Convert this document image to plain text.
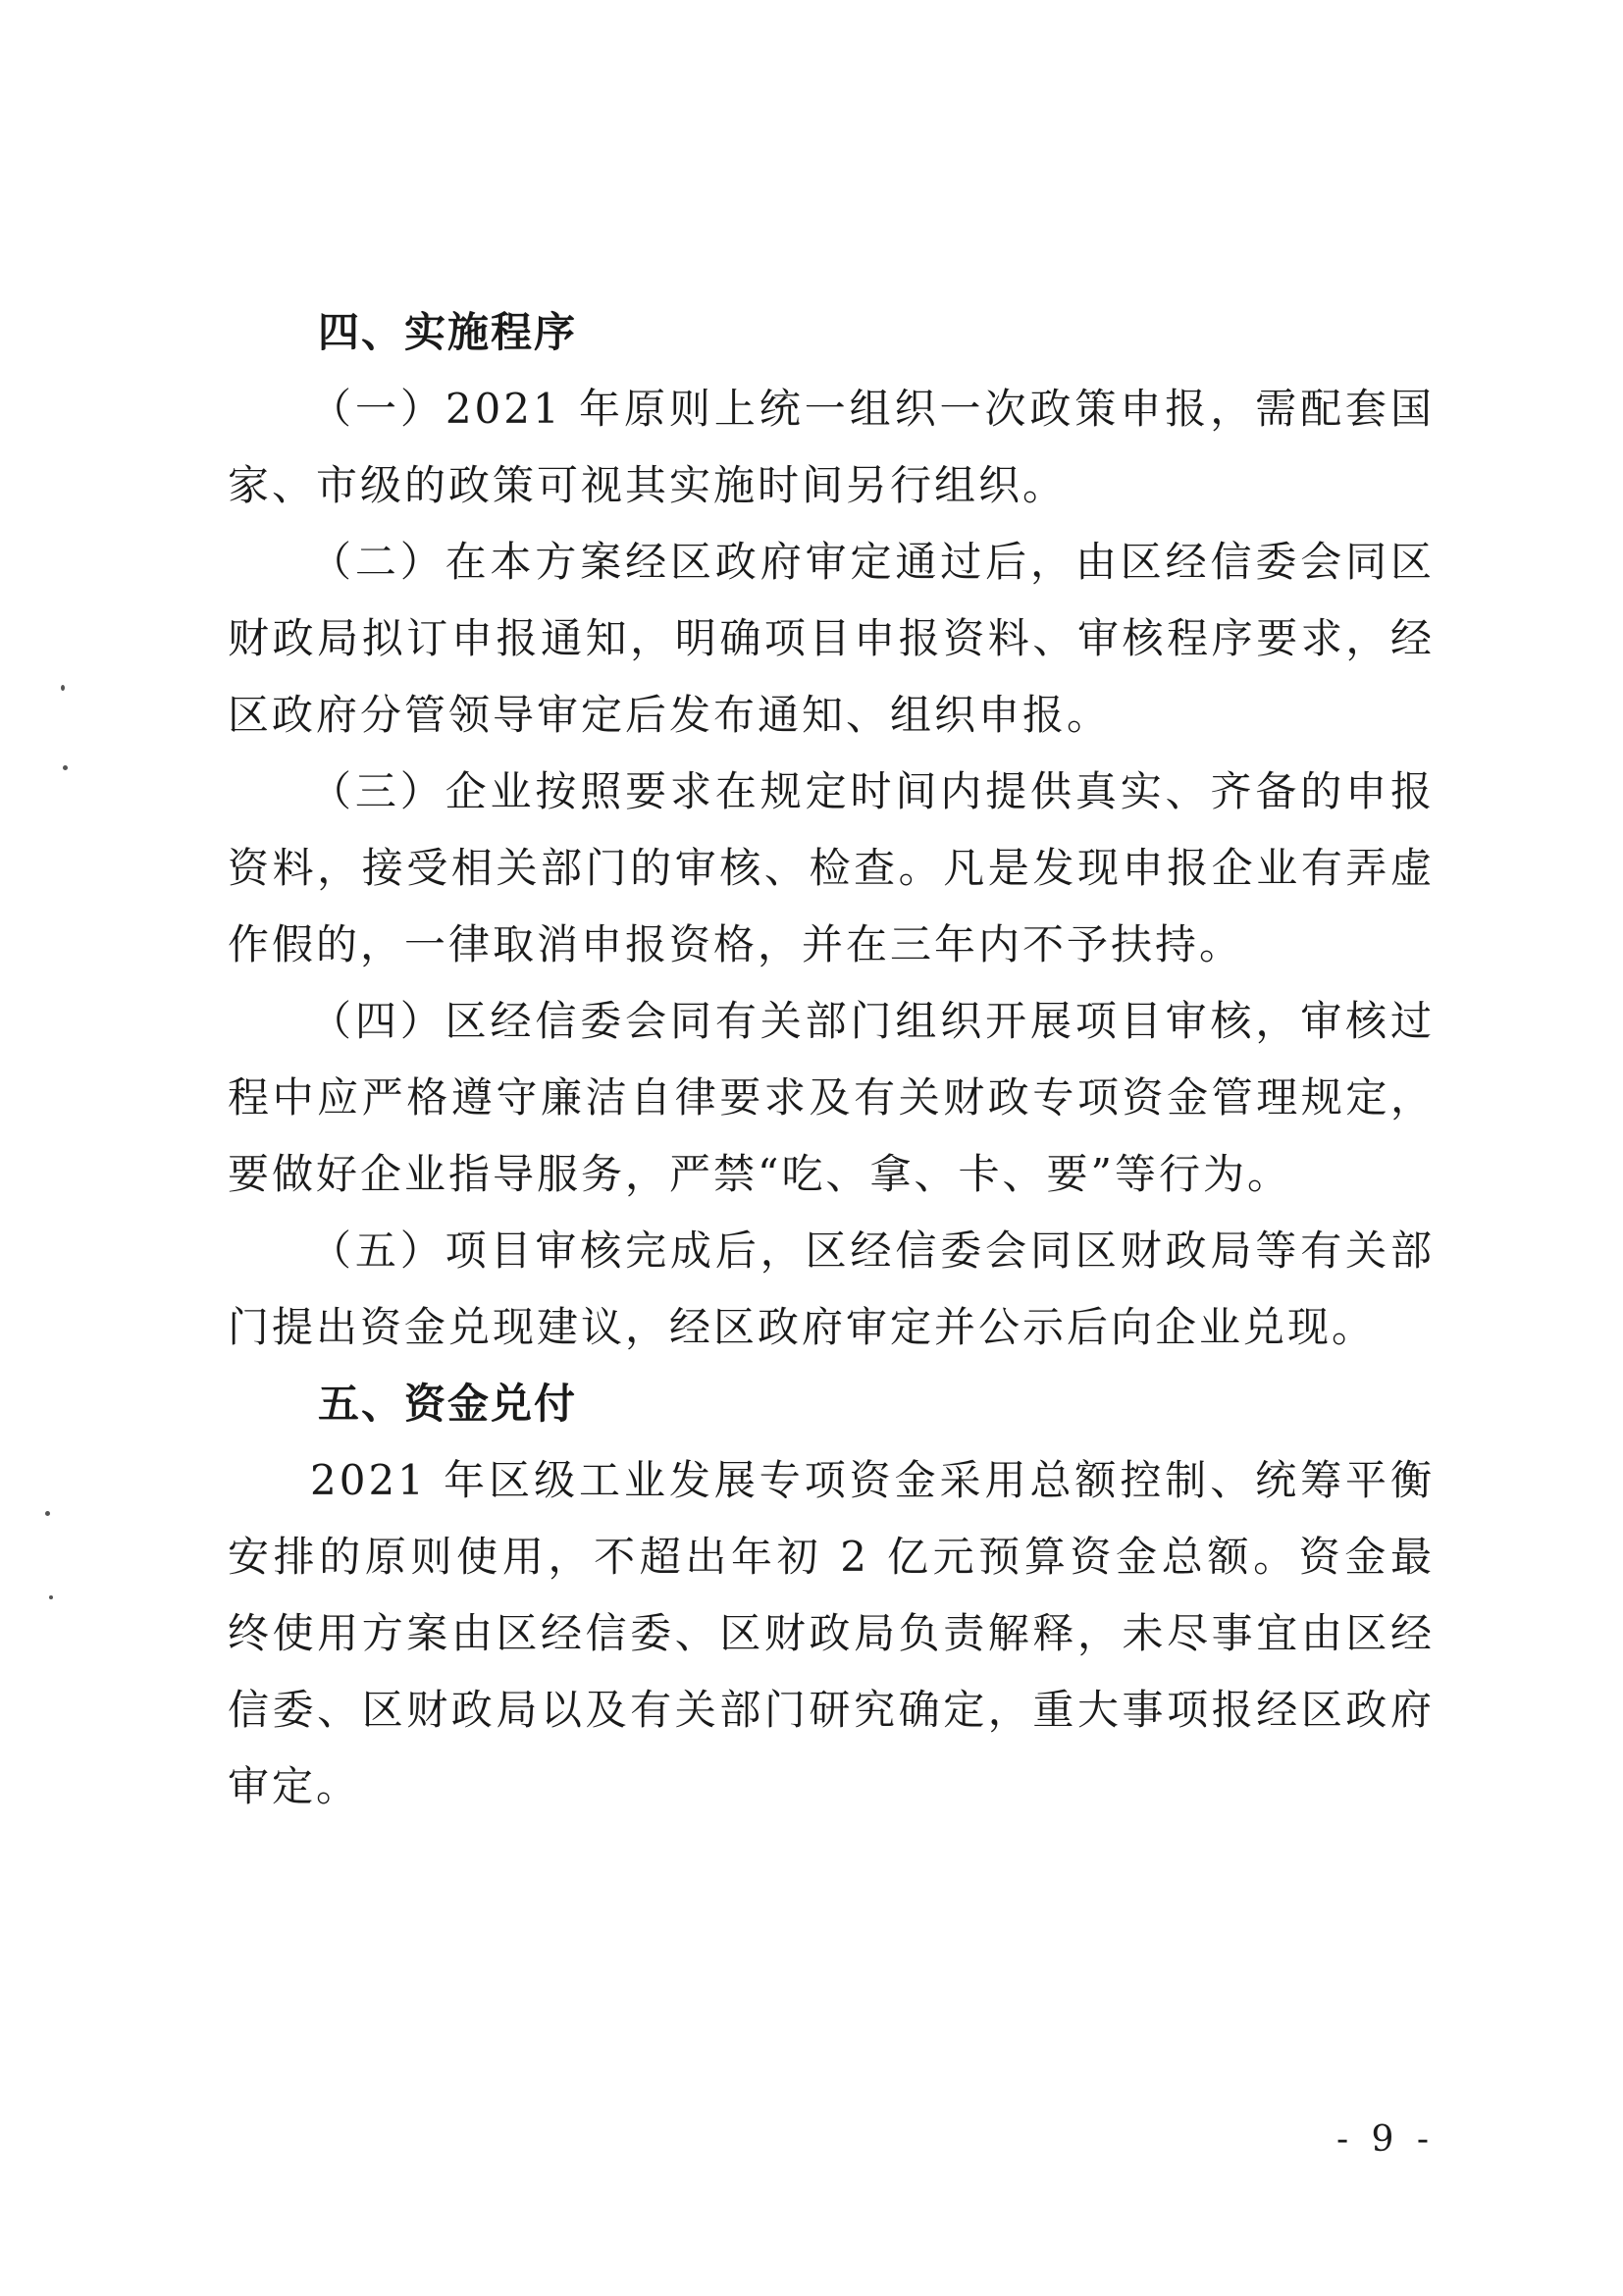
四、实施程序

（一）2021 年原则上统一组织一次政策申报，需配套国家、市级的政策可视其实施时间另行组织。

（二）在本方案经区政府审定通过后，由区经信委会同区财政局拟订申报通知，明确项目申报资料、审核程序要求，经区政府分管领导审定后发布通知、组织申报。

（三）企业按照要求在规定时间内提供真实、齐备的申报资料，接受相关部门的审核、检查。凡是发现申报企业有弄虚作假的，一律取消申报资格，并在三年内不予扶持。

（四）区经信委会同有关部门组织开展项目审核，审核过程中应严格遵守廉洁自律要求及有关财政专项资金管理规定，要做好企业指导服务，严禁“吃、拿、卡、要”等行为。

（五）项目审核完成后，区经信委会同区财政局等有关部门提出资金兑现建议，经区政府审定并公示后向企业兑现。

五、资金兑付

2021 年区级工业发展专项资金采用总额控制、统筹平衡安排的原则使用，不超出年初 2 亿元预算资金总额。资金最终使用方案由区经信委、区财政局负责解释，未尽事宜由区经信委、区财政局以及有关部门研究确定，重大事项报经区政府审定。

- 9 -
